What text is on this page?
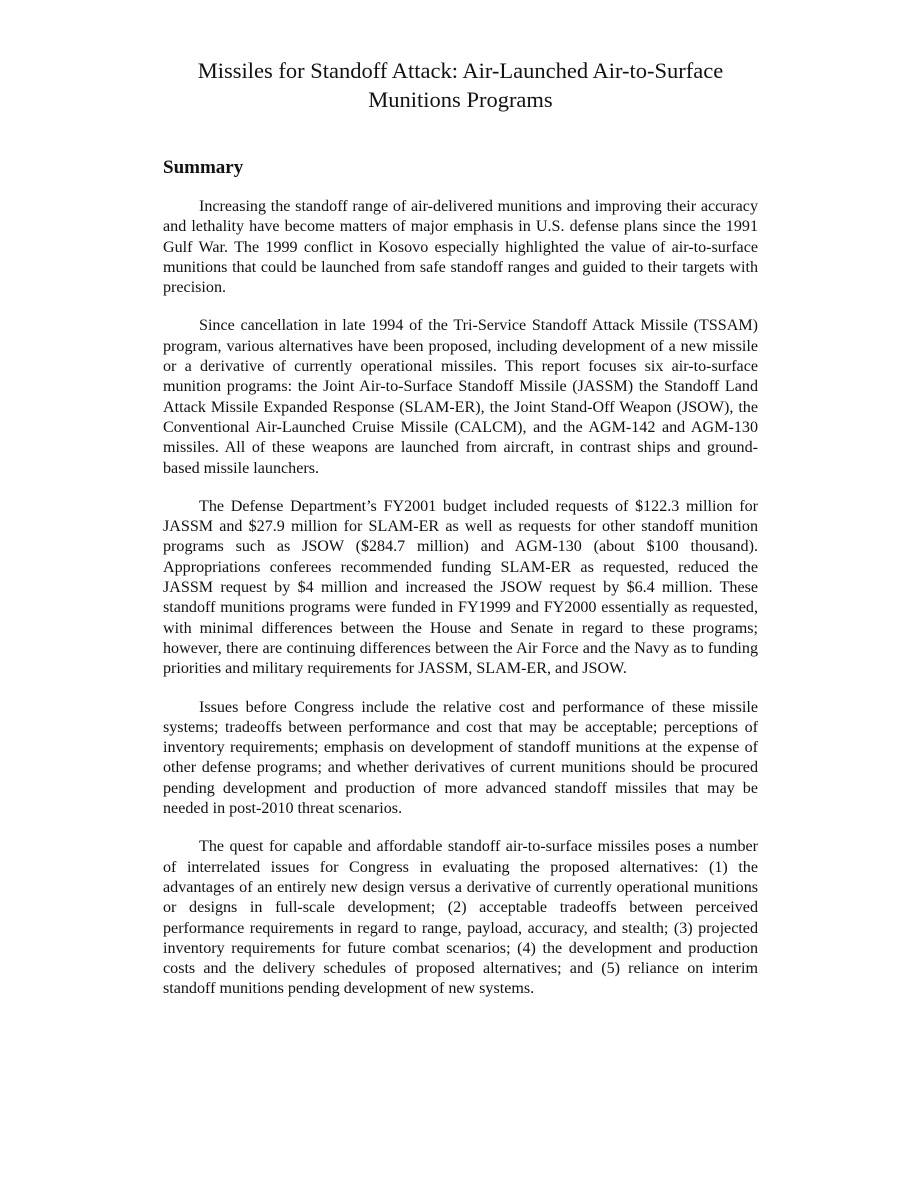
Missiles for Standoff Attack: Air-Launched Air-to-Surface Munitions Programs
Summary

Increasing the standoff range of air-delivered munitions and improving their accuracy and lethality have become matters of major emphasis in U.S. defense plans since the 1991 Gulf War. The 1999 conflict in Kosovo especially highlighted the value of air-to-surface munitions that could be launched from safe standoff ranges and guided to their targets with precision.

Since cancellation in late 1994 of the Tri-Service Standoff Attack Missile (TSSAM) program, various alternatives have been proposed, including development of a new missile or a derivative of currently operational missiles. This report focuses six air-to-surface munition programs: the Joint Air-to-Surface Standoff Missile (JASSM) the Standoff Land Attack Missile Expanded Response (SLAM-ER), the Joint Stand-Off Weapon (JSOW), the Conventional Air-Launched Cruise Missile (CALCM), and the AGM-142 and AGM-130 missiles. All of these weapons are launched from aircraft, in contrast ships and ground-based missile launchers.

The Defense Department’s FY2001 budget included requests of $122.3 million for JASSM and $27.9 million for SLAM-ER as well as requests for other standoff munition programs such as JSOW ($284.7 million) and AGM-130 (about $100 thousand). Appropriations conferees recommended funding SLAM-ER as requested, reduced the JASSM request by $4 million and increased the JSOW request by $6.4 million. These standoff munitions programs were funded in FY1999 and FY2000 essentially as requested, with minimal differences between the House and Senate in regard to these programs; however, there are continuing differences between the Air Force and the Navy as to funding priorities and military requirements for JASSM, SLAM-ER, and JSOW.

Issues before Congress include the relative cost and performance of these missile systems; tradeoffs between performance and cost that may be acceptable; perceptions of inventory requirements; emphasis on development of standoff munitions at the expense of other defense programs; and whether derivatives of current munitions should be procured pending development and production of more advanced standoff missiles that may be needed in post-2010 threat scenarios.

The quest for capable and affordable standoff air-to-surface missiles poses a number of interrelated issues for Congress in evaluating the proposed alternatives: (1) the advantages of an entirely new design versus a derivative of currently operational munitions or designs in full-scale development; (2) acceptable tradeoffs between perceived performance requirements in regard to range, payload, accuracy, and stealth; (3) projected inventory requirements for future combat scenarios; (4) the development and production costs and the delivery schedules of proposed alternatives; and (5) reliance on interim standoff munitions pending development of new systems.
